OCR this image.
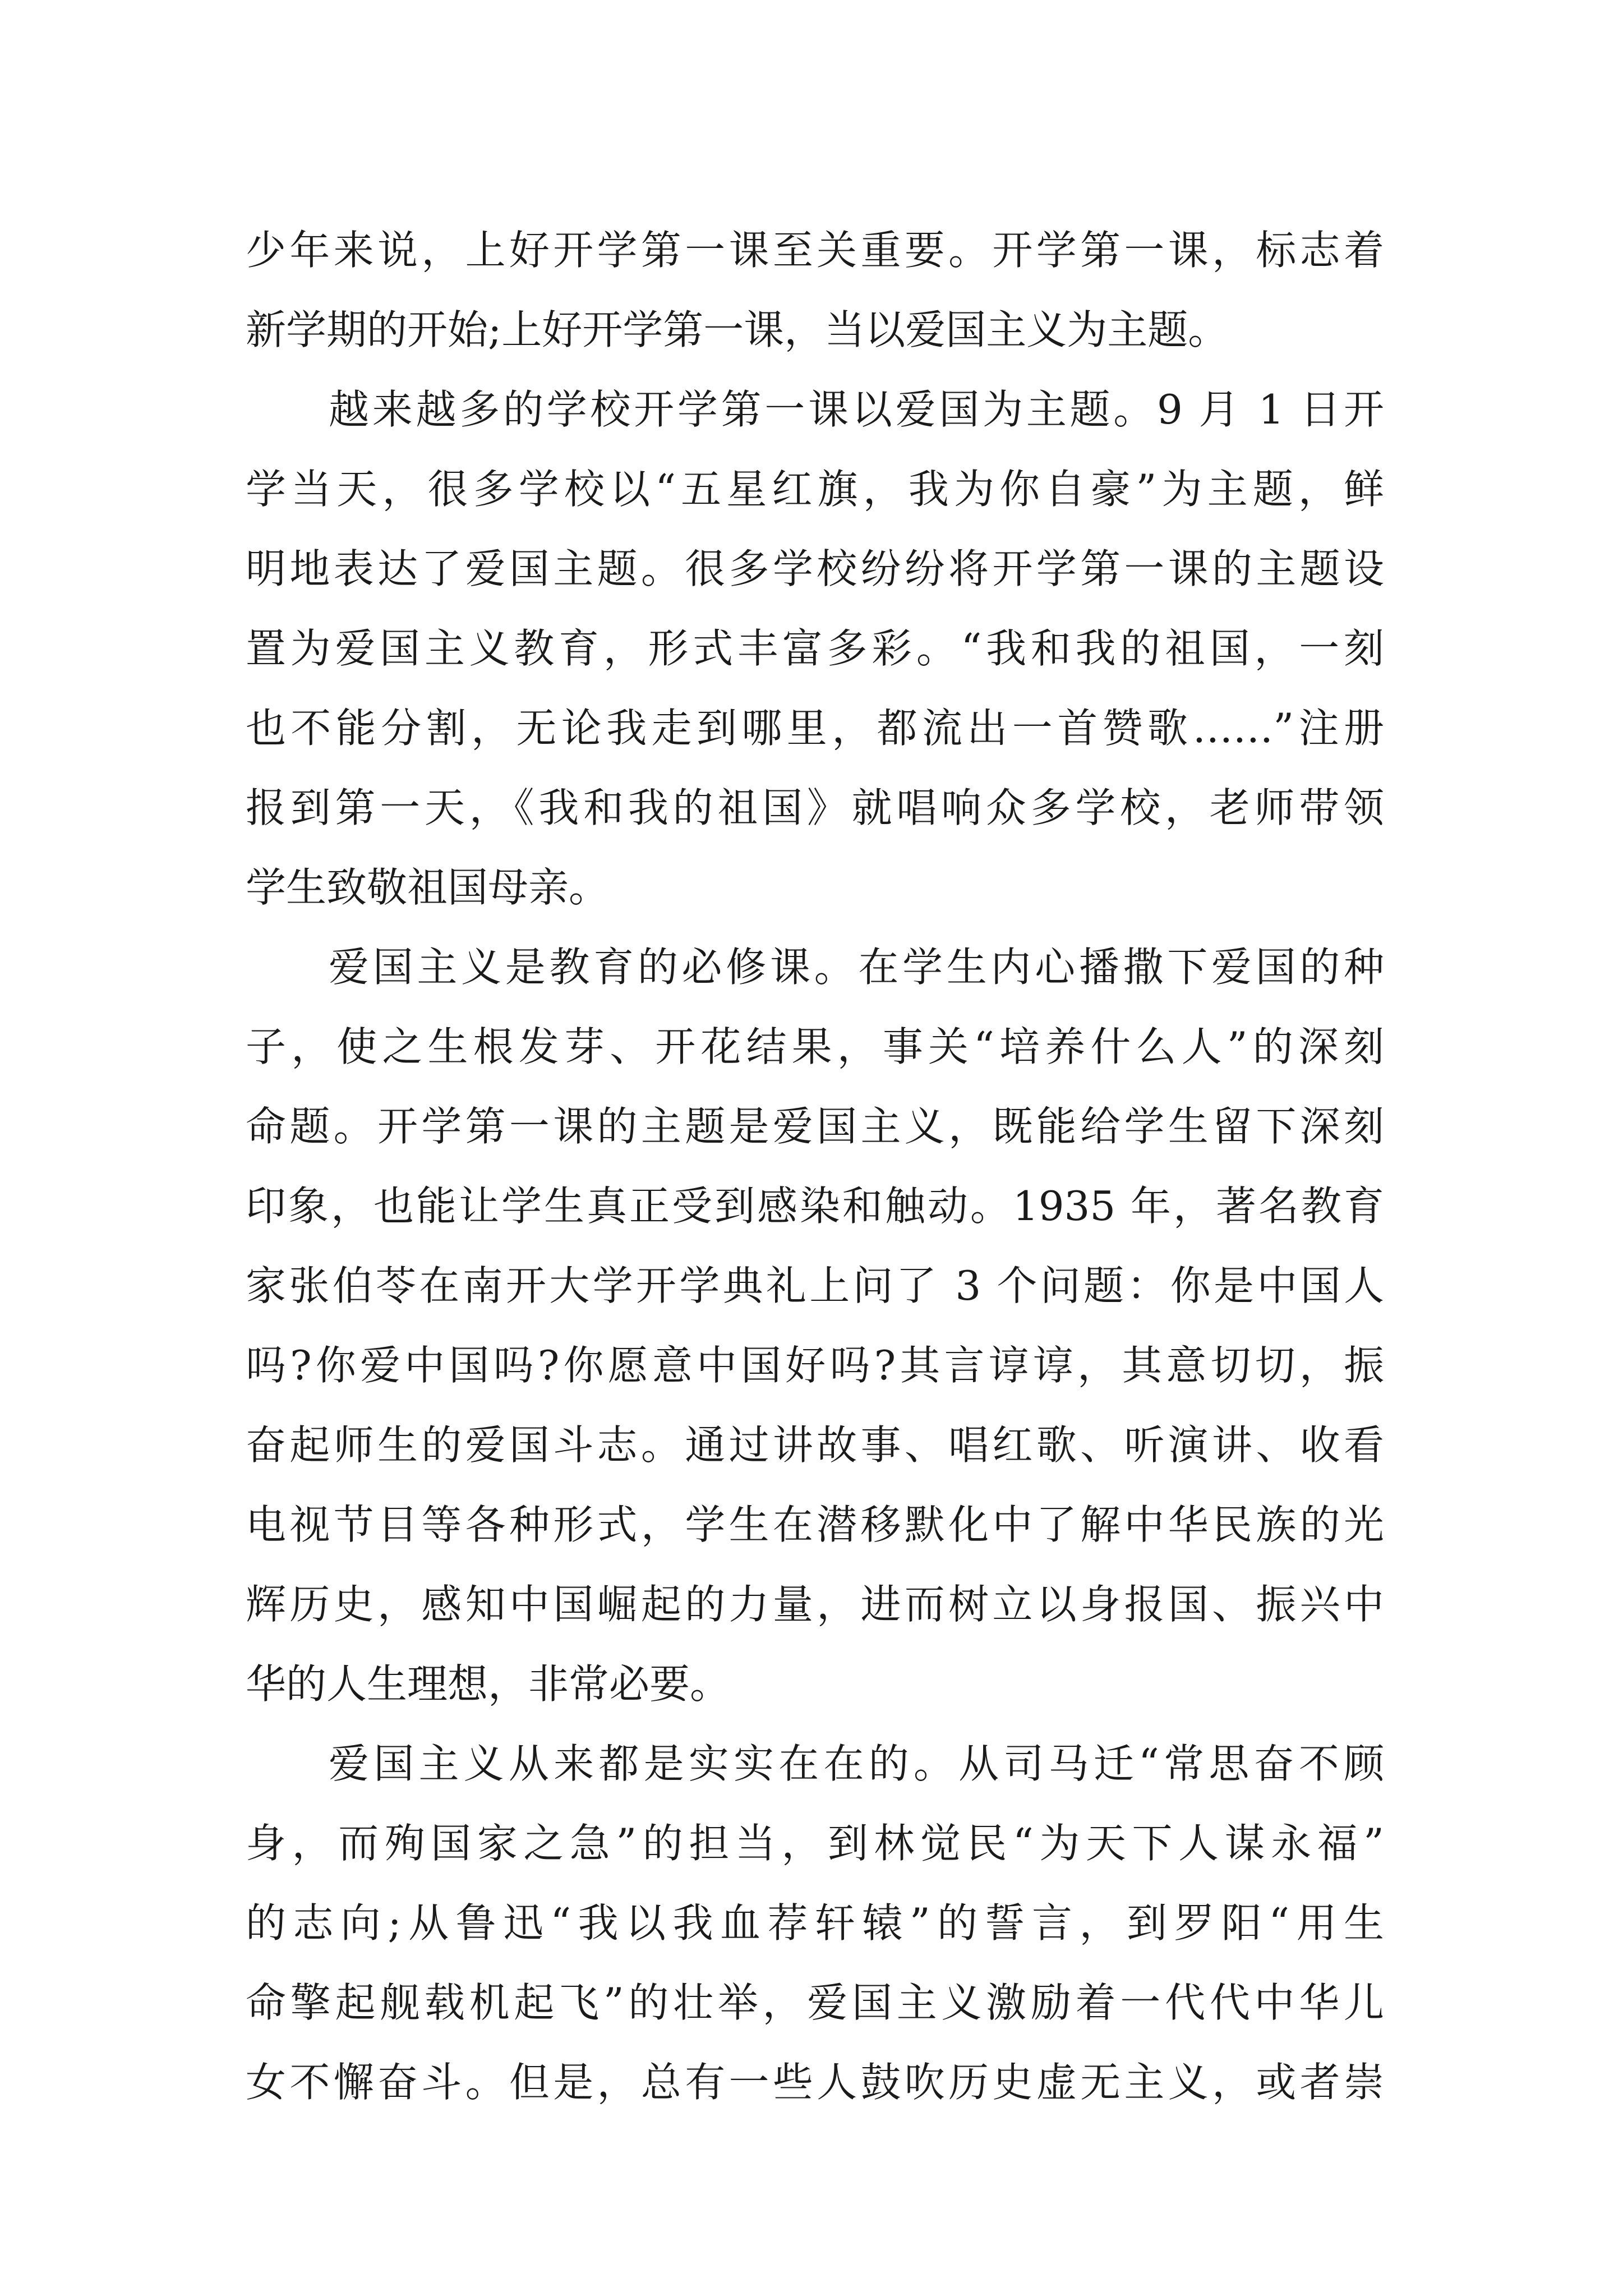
少年来说，上好开学第一课至关重要。开学第一课，标志着
新学期的开始;上好开学第一课，当以爱国主义为主题。
越来越多的学校开学第一课以爱国为主题。9 月 1 日开
学当天，很多学校以“五星红旗，我为你自豪”为主题，鲜
明地表达了爱国主题。很多学校纷纷将开学第一课的主题设
置为爱国主义教育，形式丰富多彩。“我和我的祖国，一刻
也不能分割，无论我走到哪里，都流出一首赞歌……”注册
报到第一天，《我和我的祖国》就唱响众多学校，老师带领
学生致敬祖国母亲。
爱国主义是教育的必修课。在学生内心播撒下爱国的种
子，使之生根发芽、开花结果，事关“培养什么人”的深刻
命题。开学第一课的主题是爱国主义，既能给学生留下深刻
印象，也能让学生真正受到感染和触动。1935 年，著名教育
家张伯苓在南开大学开学典礼上问了 3 个问题：你是中国人
吗?你爱中国吗?你愿意中国好吗?其言谆谆，其意切切，振
奋起师生的爱国斗志。通过讲故事、唱红歌、听演讲、收看
电视节目等各种形式，学生在潜移默化中了解中华民族的光
辉历史，感知中国崛起的力量，进而树立以身报国、振兴中
华的人生理想，非常必要。
爱国主义从来都是实实在在的。从司马迁“常思奋不顾
身，而殉国家之急”的担当，到林觉民“为天下人谋永福”
的志向;从鲁迅“我以我血荐轩辕”的誓言，到罗阳“用生
命擎起舰载机起飞”的壮举，爱国主义激励着一代代中华儿
女不懈奋斗。但是，总有一些人鼓吹历史虚无主义，或者崇
